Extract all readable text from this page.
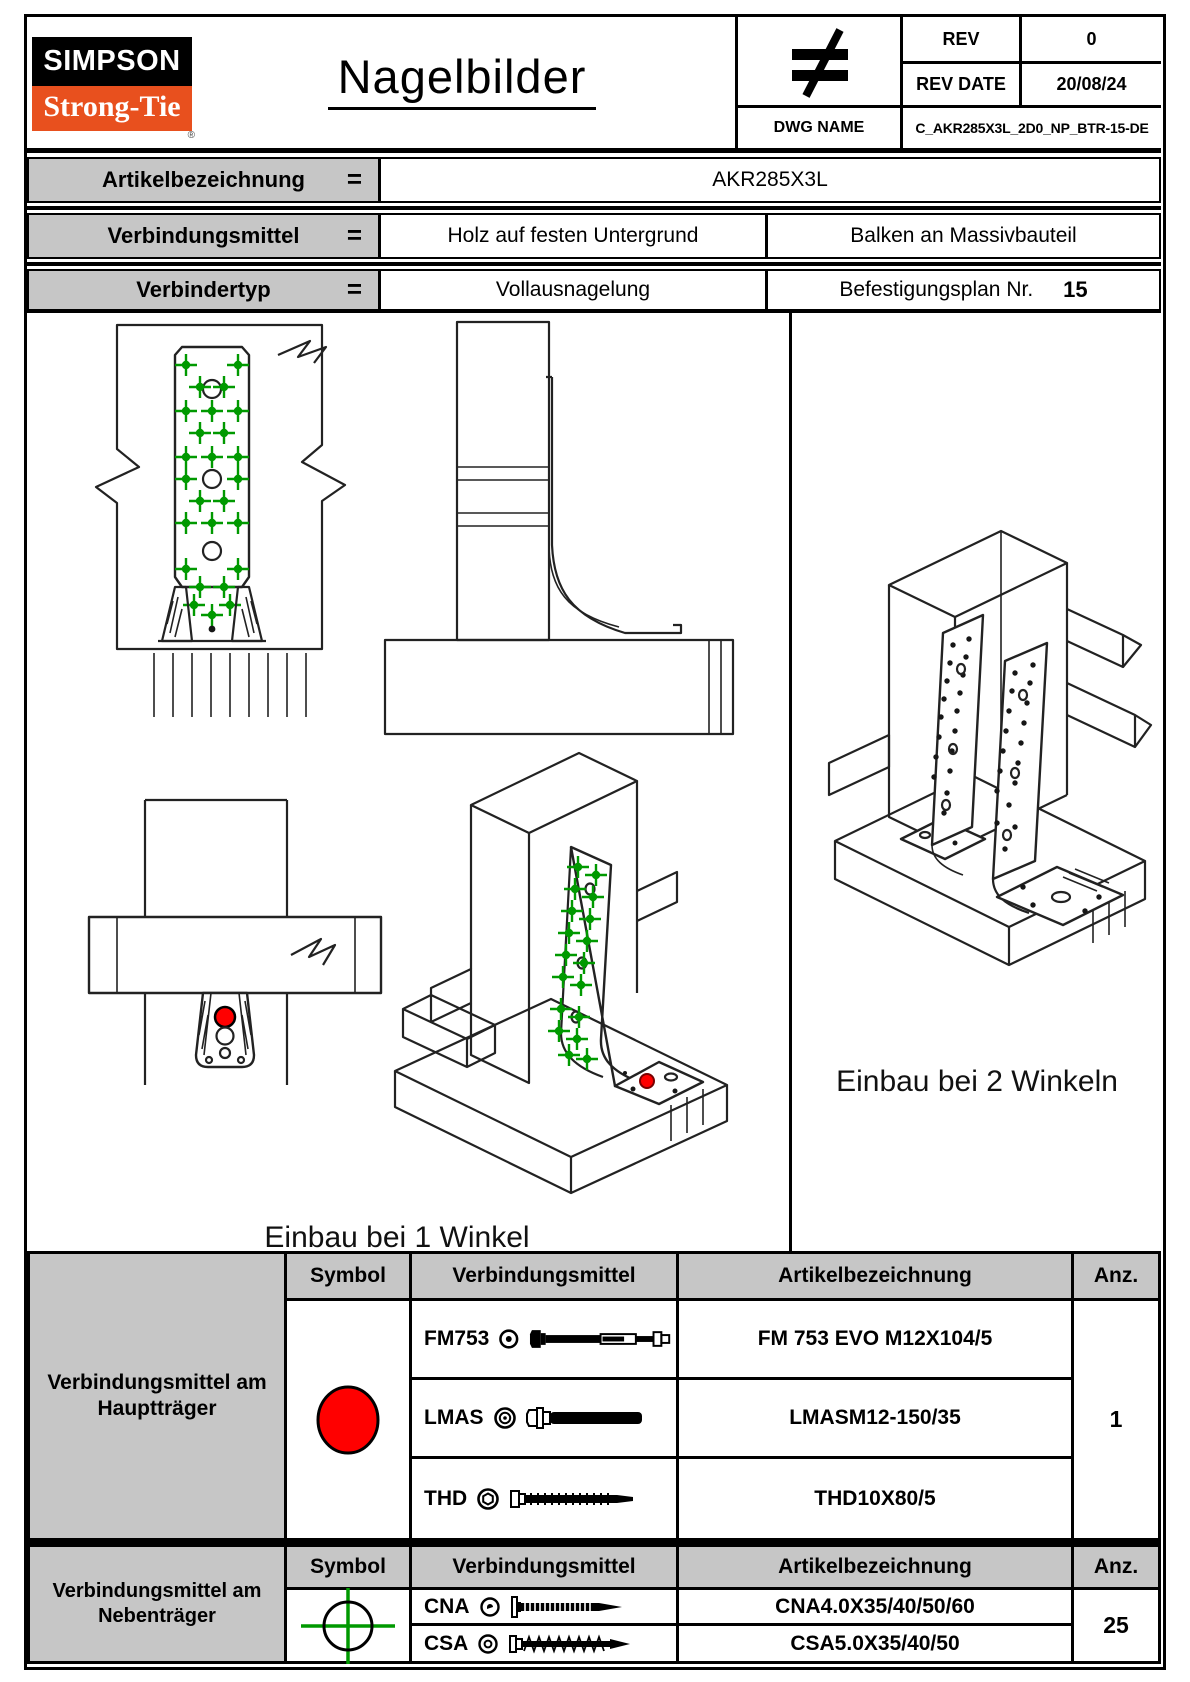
SIMPSON
Strong-Tie
®
Nagelbilder
REV	0
REV DATE	20/08/24
DWG NAME	C_AKR285X3L_2D0_NP_BTR-15-DE
Artikelbezeichnung =	AKR285X3L
Verbindungsmittel =	Holz auf festen Untergrund	Balken an Massivbauteil
Verbindertyp	=	Vollausnagelung	Befestigungsplan Nr. 15
Einbau bei 1 Winkel
Einbau bei 2 Winkeln
Verbindungsmittel am Hauptträger
Symbol	Verbindungsmittel	Artikelbezeichnung	Anz.
FM753	FM 753 EVO M12X104/5
LMAS	LMASM12-150/35
THD	THD10X80/5
1
Verbindungsmittel am Nebenträger
Symbol	Verbindungsmittel	Artikelbezeichnung	Anz.
CNA	CNA4.0X35/40/50/60
CSA	CSA5.0X35/40/50
25
